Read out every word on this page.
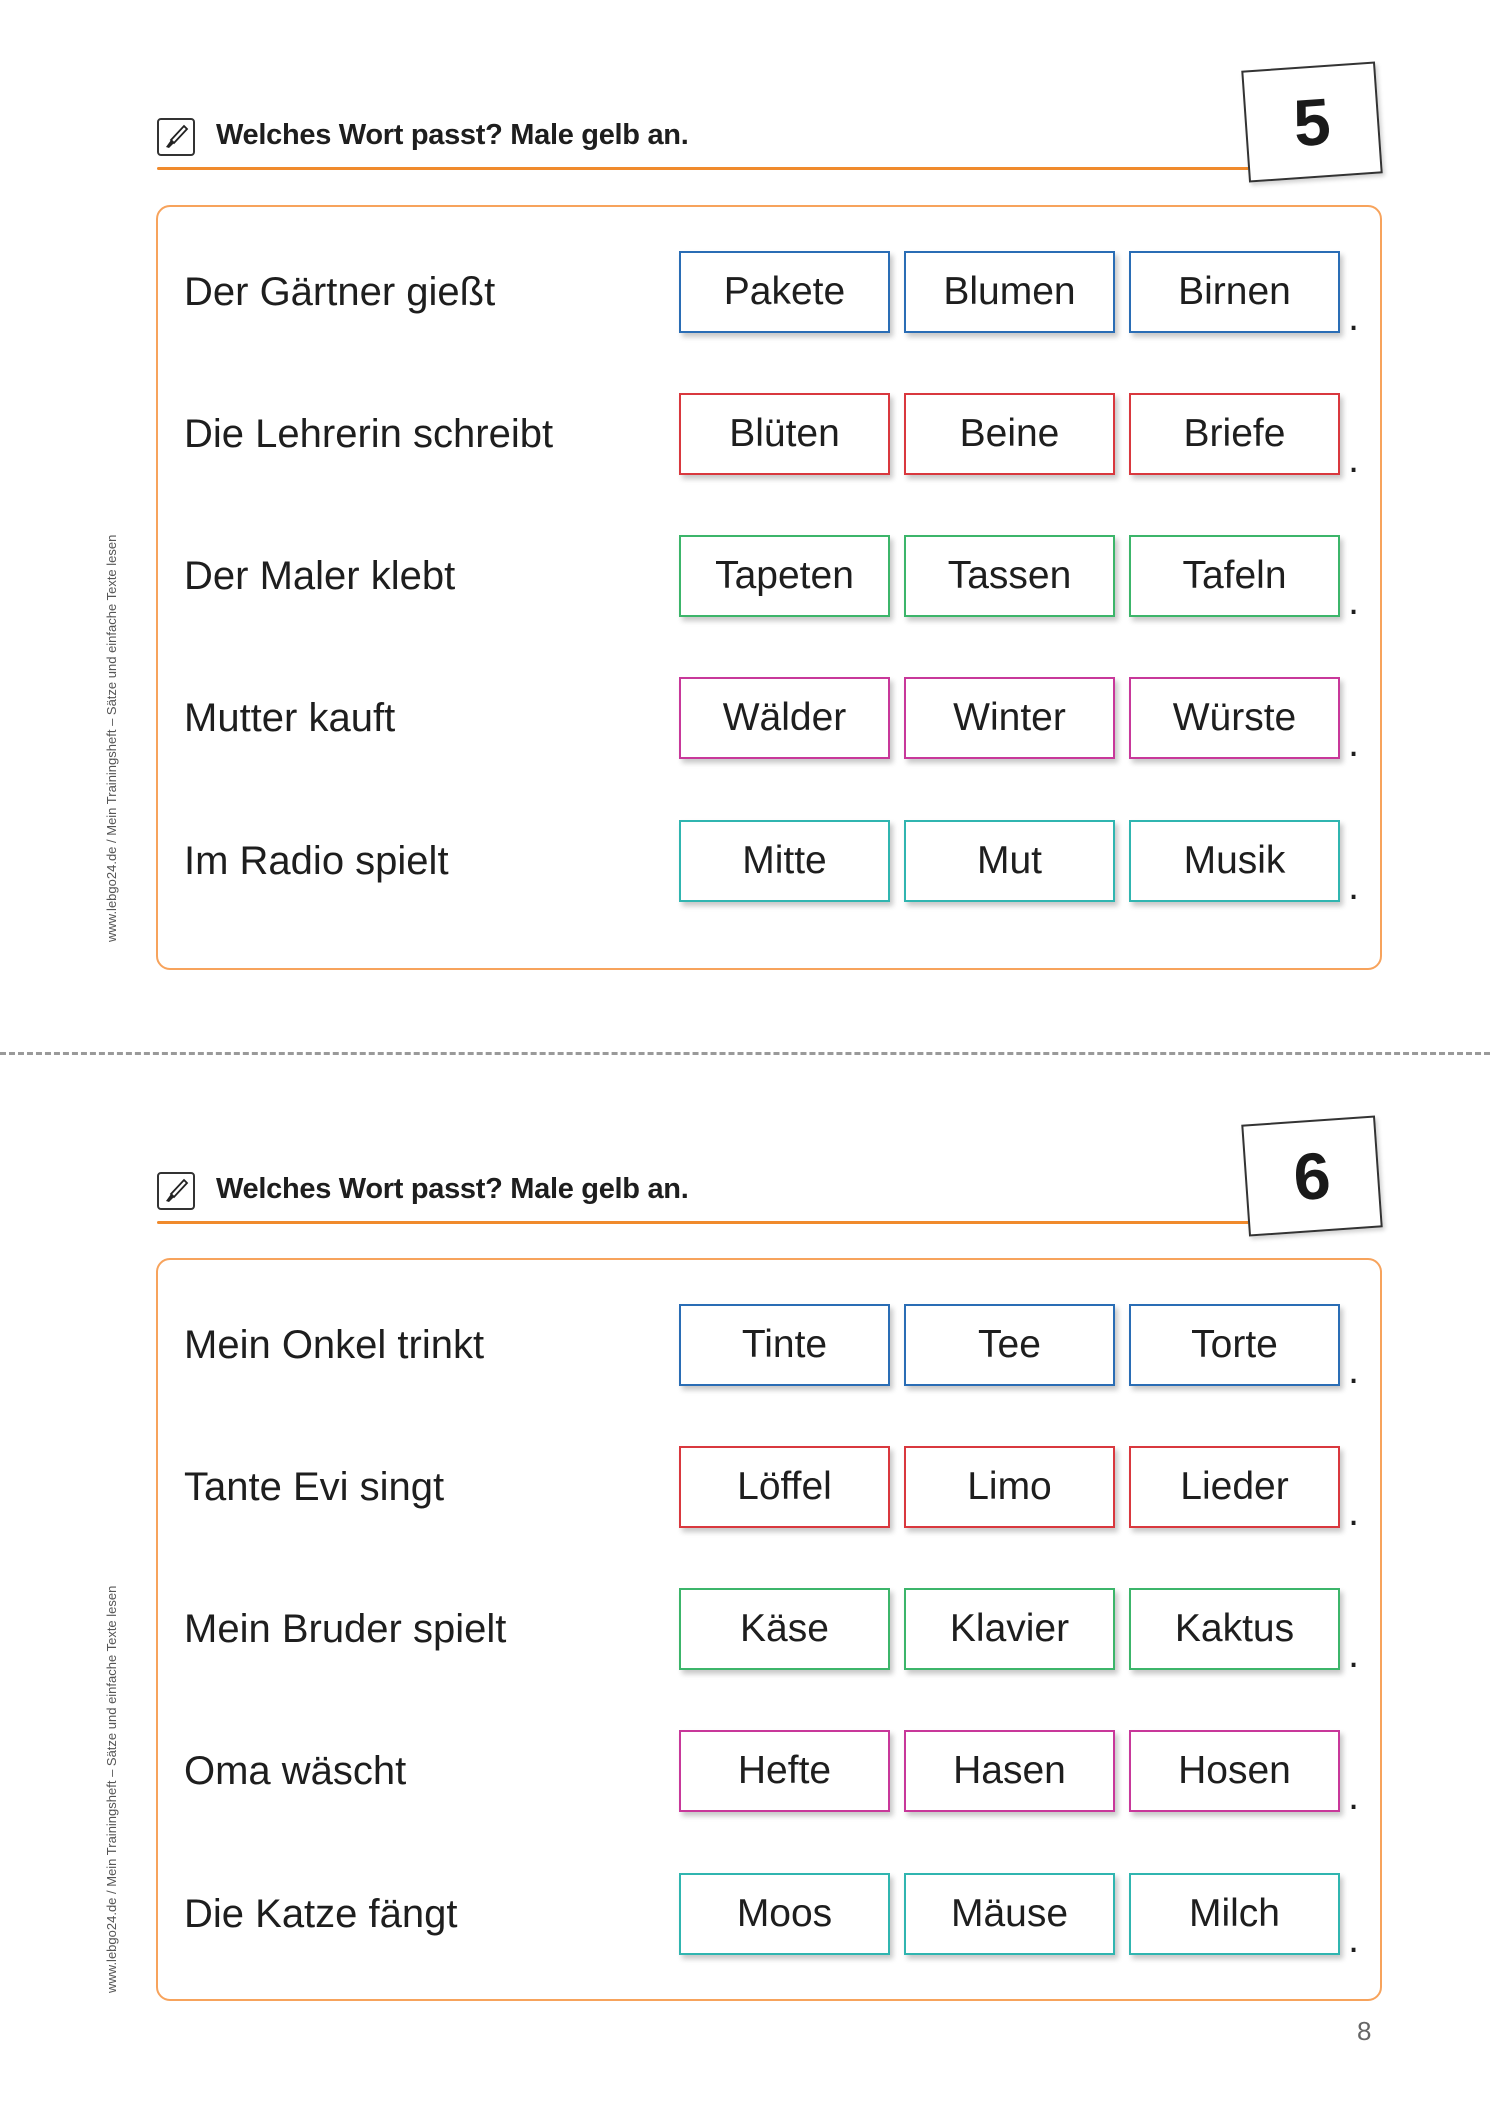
www.lebgo24.de / Mein Trainingsheft – Sätze und einfache Texte lesen
www.lebgo24.de / Mein Trainingsheft – Sätze und einfache Texte lesen
Welches Wort passt? Male gelb an.	5
Der Gärtner gießt	Pakete	Blumen	Birnen
.
Die Lehrerin schreibt	Blüten	Beine	Briefe
.
Der Maler klebt	Tapeten	Tassen	Tafeln
.
Mutter kauft	Wälder	Winter	Würste
.
Im Radio spielt	Mitte	Mut	Musik
.
Welches Wort passt? Male gelb an.	6
Mein Onkel trinkt	Tinte	Tee	Torte
.
Tante Evi singt	Löffel	Limo	Lieder
.
Mein Bruder spielt	Käse	Klavier	Kaktus
.
Oma wäscht	Hefte	Hasen	Hosen
.
Die Katze fängt	Moos	Mäuse	Milch
.
8
